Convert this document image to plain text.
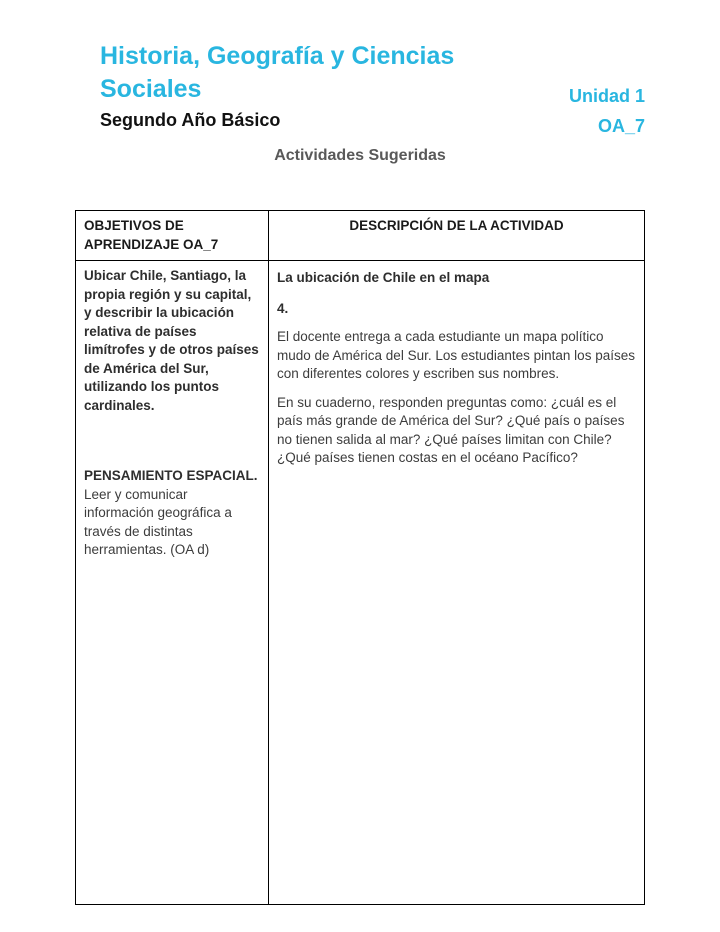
Historia, Geografía y Ciencias
Sociales
Segundo Año Básico
Unidad 1
OA_7
Actividades Sugeridas
OBJETIVOS DE APRENDIZAJE OA_7
DESCRIPCIÓN DE LA ACTIVIDAD
Ubicar Chile, Santiago, la propia región y su capital, y describir la ubicación relativa de países limítrofes y de otros países de América del Sur, utilizando los puntos cardinales.
PENSAMIENTO ESPACIAL. Leer y comunicar información geográfica a través de distintas herramientas. (OA d)
La ubicación de Chile en el mapa
4.
El docente entrega a cada estudiante un mapa político mudo de América del Sur. Los estudiantes pintan los países con diferentes colores y escriben sus nombres.
En su cuaderno, responden preguntas como: ¿cuál es el país más grande de América del Sur? ¿Qué país o países no tienen salida al mar? ¿Qué países limitan con Chile? ¿Qué países tienen costas en el océano Pacífico?
